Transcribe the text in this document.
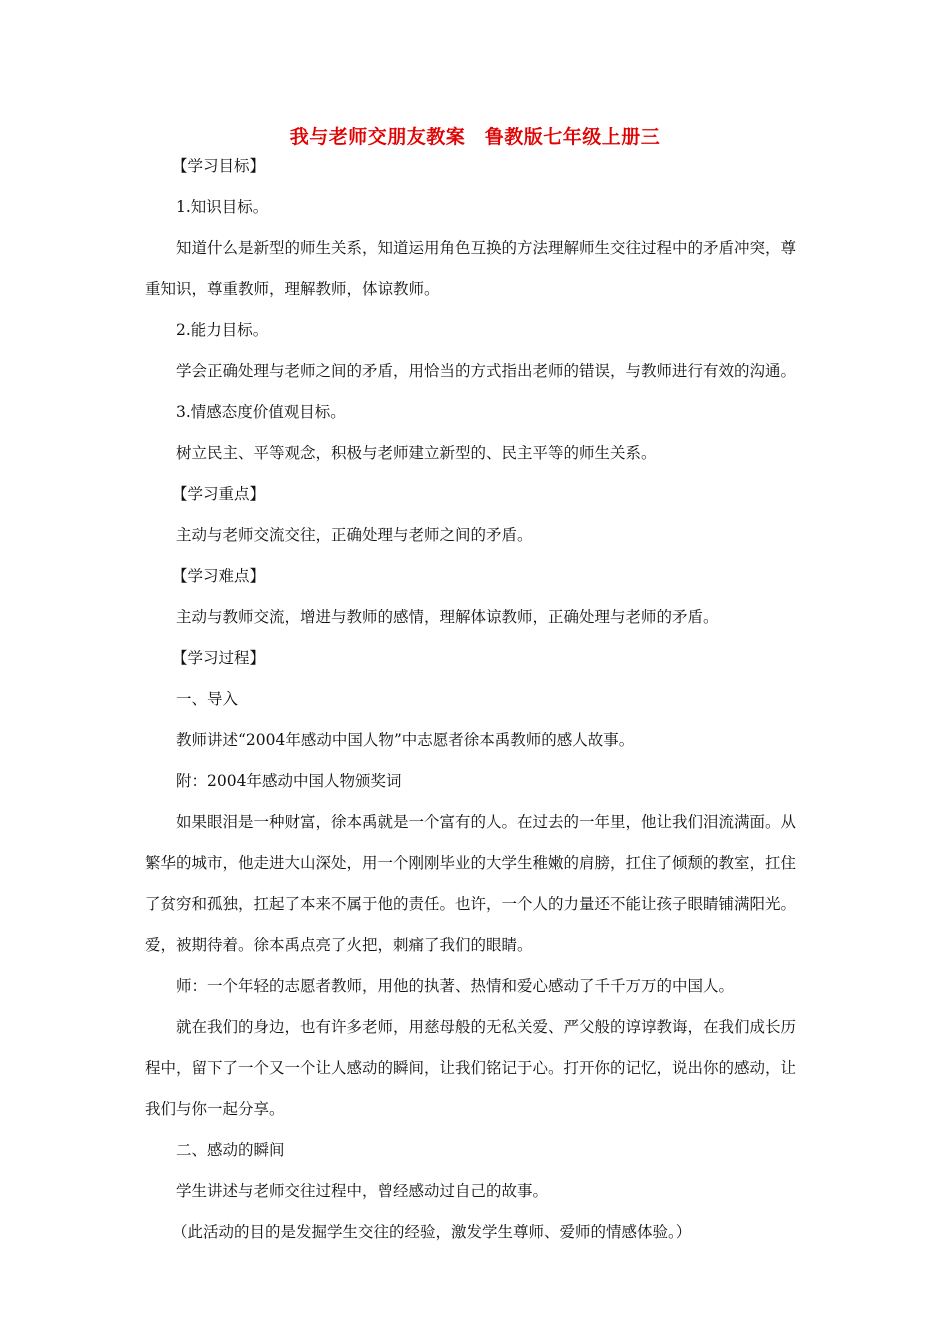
我与老师交朋友教案　鲁教版七年级上册三

【学习目标】

1.知识目标。

知道什么是新型的师生关系，知道运用角色互换的方法理解师生交往过程中的矛盾冲突，尊重知识，尊重教师，理解教师，体谅教师。

2.能力目标。

学会正确处理与老师之间的矛盾，用恰当的方式指出老师的错误，与教师进行有效的沟通。

3.情感态度价值观目标。

树立民主、平等观念，积极与老师建立新型的、民主平等的师生关系。

【学习重点】

主动与老师交流交往，正确处理与老师之间的矛盾。

【学习难点】

主动与教师交流，增进与教师的感情，理解体谅教师，正确处理与老师的矛盾。

【学习过程】

一、导入

教师讲述“2004年感动中国人物”中志愿者徐本禹教师的感人故事。

附：2004年感动中国人物颁奖词

如果眼泪是一种财富，徐本禹就是一个富有的人。在过去的一年里，他让我们泪流满面。从繁华的城市，他走进大山深处，用一个刚刚毕业的大学生稚嫩的肩膀，扛住了倾颓的教室，扛住了贫穷和孤独，扛起了本来不属于他的责任。也许，一个人的力量还不能让孩子眼睛铺满阳光。爱，被期待着。徐本禹点亮了火把，刺痛了我们的眼睛。

师：一个年轻的志愿者教师，用他的执著、热情和爱心感动了千千万万的中国人。

就在我们的身边，也有许多老师，用慈母般的无私关爱、严父般的谆谆教诲，在我们成长历程中，留下了一个又一个让人感动的瞬间，让我们铭记于心。打开你的记忆，说出你的感动，让我们与你一起分享。

二、感动的瞬间

学生讲述与老师交往过程中，曾经感动过自己的故事。

（此活动的目的是发掘学生交往的经验，激发学生尊师、爱师的情感体验。）
